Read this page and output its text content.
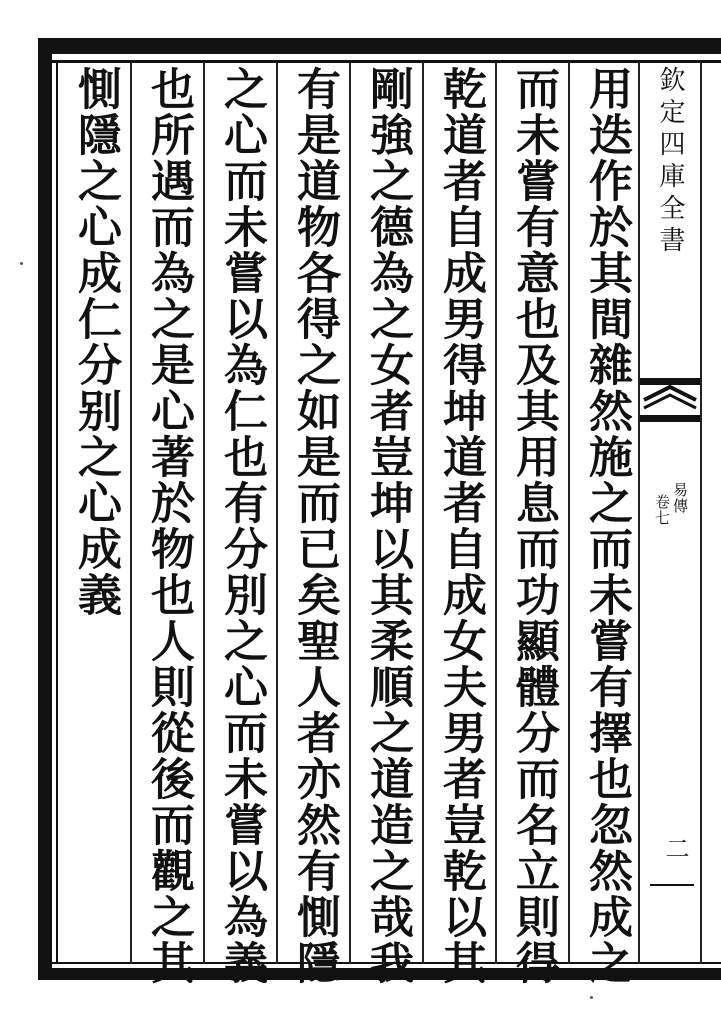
用迭作於其間雜然施之而未嘗有擇也忽然成之
而未嘗有意也及其用息而功顯體分而名立則得
乾道者自成男得坤道者自成女夫男者豈乾以其
剛強之德為之女者豈坤以其柔順之道造之哉我
有是道物各得之如是而已矣聖人者亦然有惻隱
之心而未嘗以為仁也有分別之心而未嘗以為義
也所遇而為之是心著於物也人則從後而觀之其
惻隱之心成仁分别之心成義	欽定四庫全書
易傳
卷七
二
